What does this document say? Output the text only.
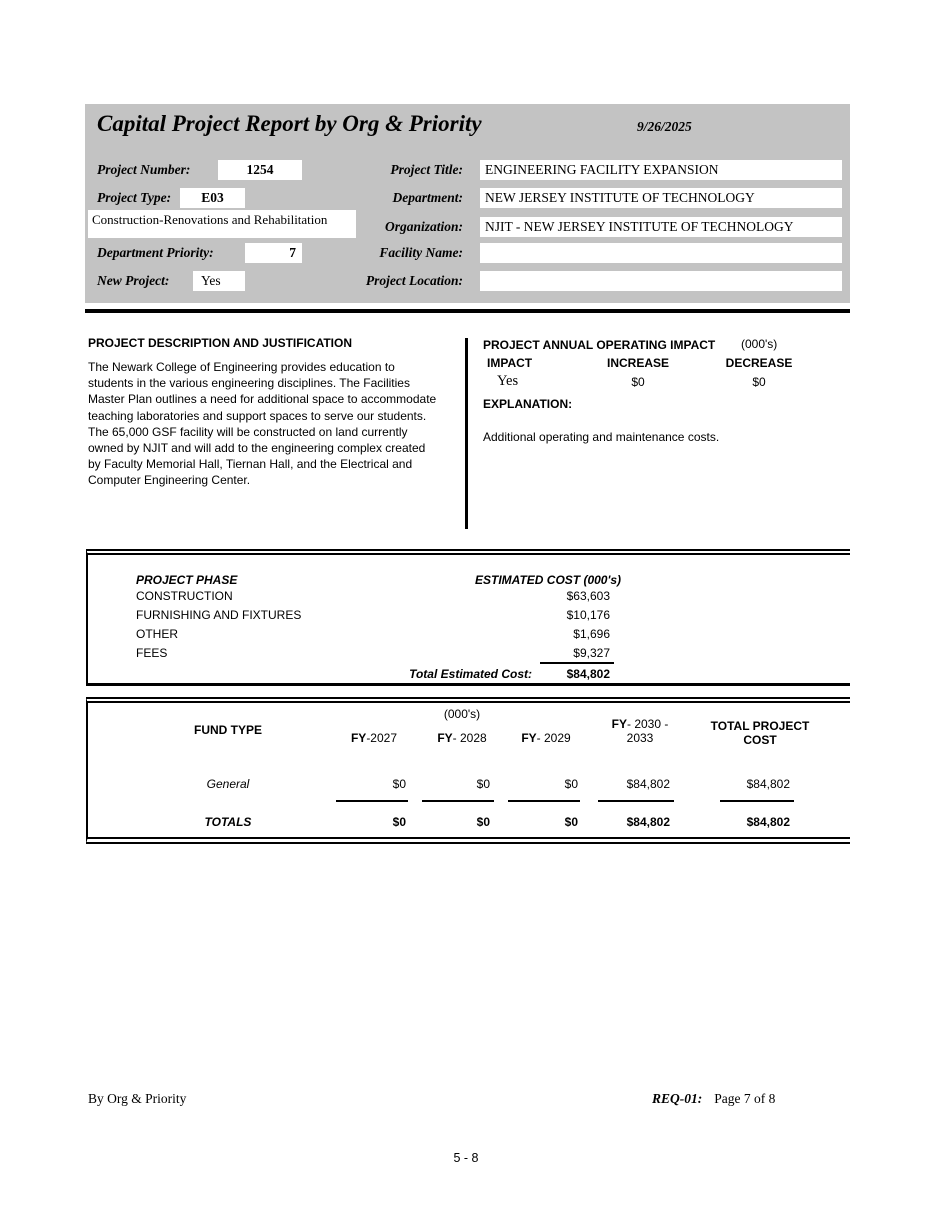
Capital Project Report by Org & Priority	9/26/2025
Project Number:	1254
Project Type:	E03
Construction-Renovations and Rehabilitation
Department Priority:	7
New Project:	Yes
Project Title:	ENGINEERING FACILITY EXPANSION
Department:	NEW JERSEY INSTITUTE OF TECHNOLOGY
Organization:	NJIT - NEW JERSEY INSTITUTE OF TECHNOLOGY
Facility Name:
Project Location:
PROJECT DESCRIPTION AND JUSTIFICATION
The Newark College of Engineering provides education to
students in the various engineering disciplines. The Facilities
Master Plan outlines a need for additional space to accommodate
teaching laboratories and support spaces to serve our students.
The 65,000 GSF facility will be constructed on land currently
owned by NJIT and will add to the engineering complex created
by Faculty Memorial Hall, Tiernan Hall, and the Electrical and
Computer Engineering Center.
PROJECT ANNUAL OPERATING IMPACT (000's)
IMPACT	INCREASE	DECREASE
Yes	$0	$0
EXPLANATION:
Additional operating and maintenance costs.
PROJECT PHASE	ESTIMATED COST (000's)
CONSTRUCTION	$63,603
FURNISHING AND FIXTURES	$10,176
OTHER	$1,696
FEES	$9,327
Total Estimated Cost:	$84,802
(000's)
FUND TYPE
FY-2027	FY- 2028	FY- 2029
FY- 2030 -
2033
TOTAL PROJECT
COST
General	$0	$0	$0	$84,802	$84,802
TOTALS	$0	$0	$0	$84,802	$84,802
By Org & Priority	REQ-01: Page 7 of 8
5 - 8
